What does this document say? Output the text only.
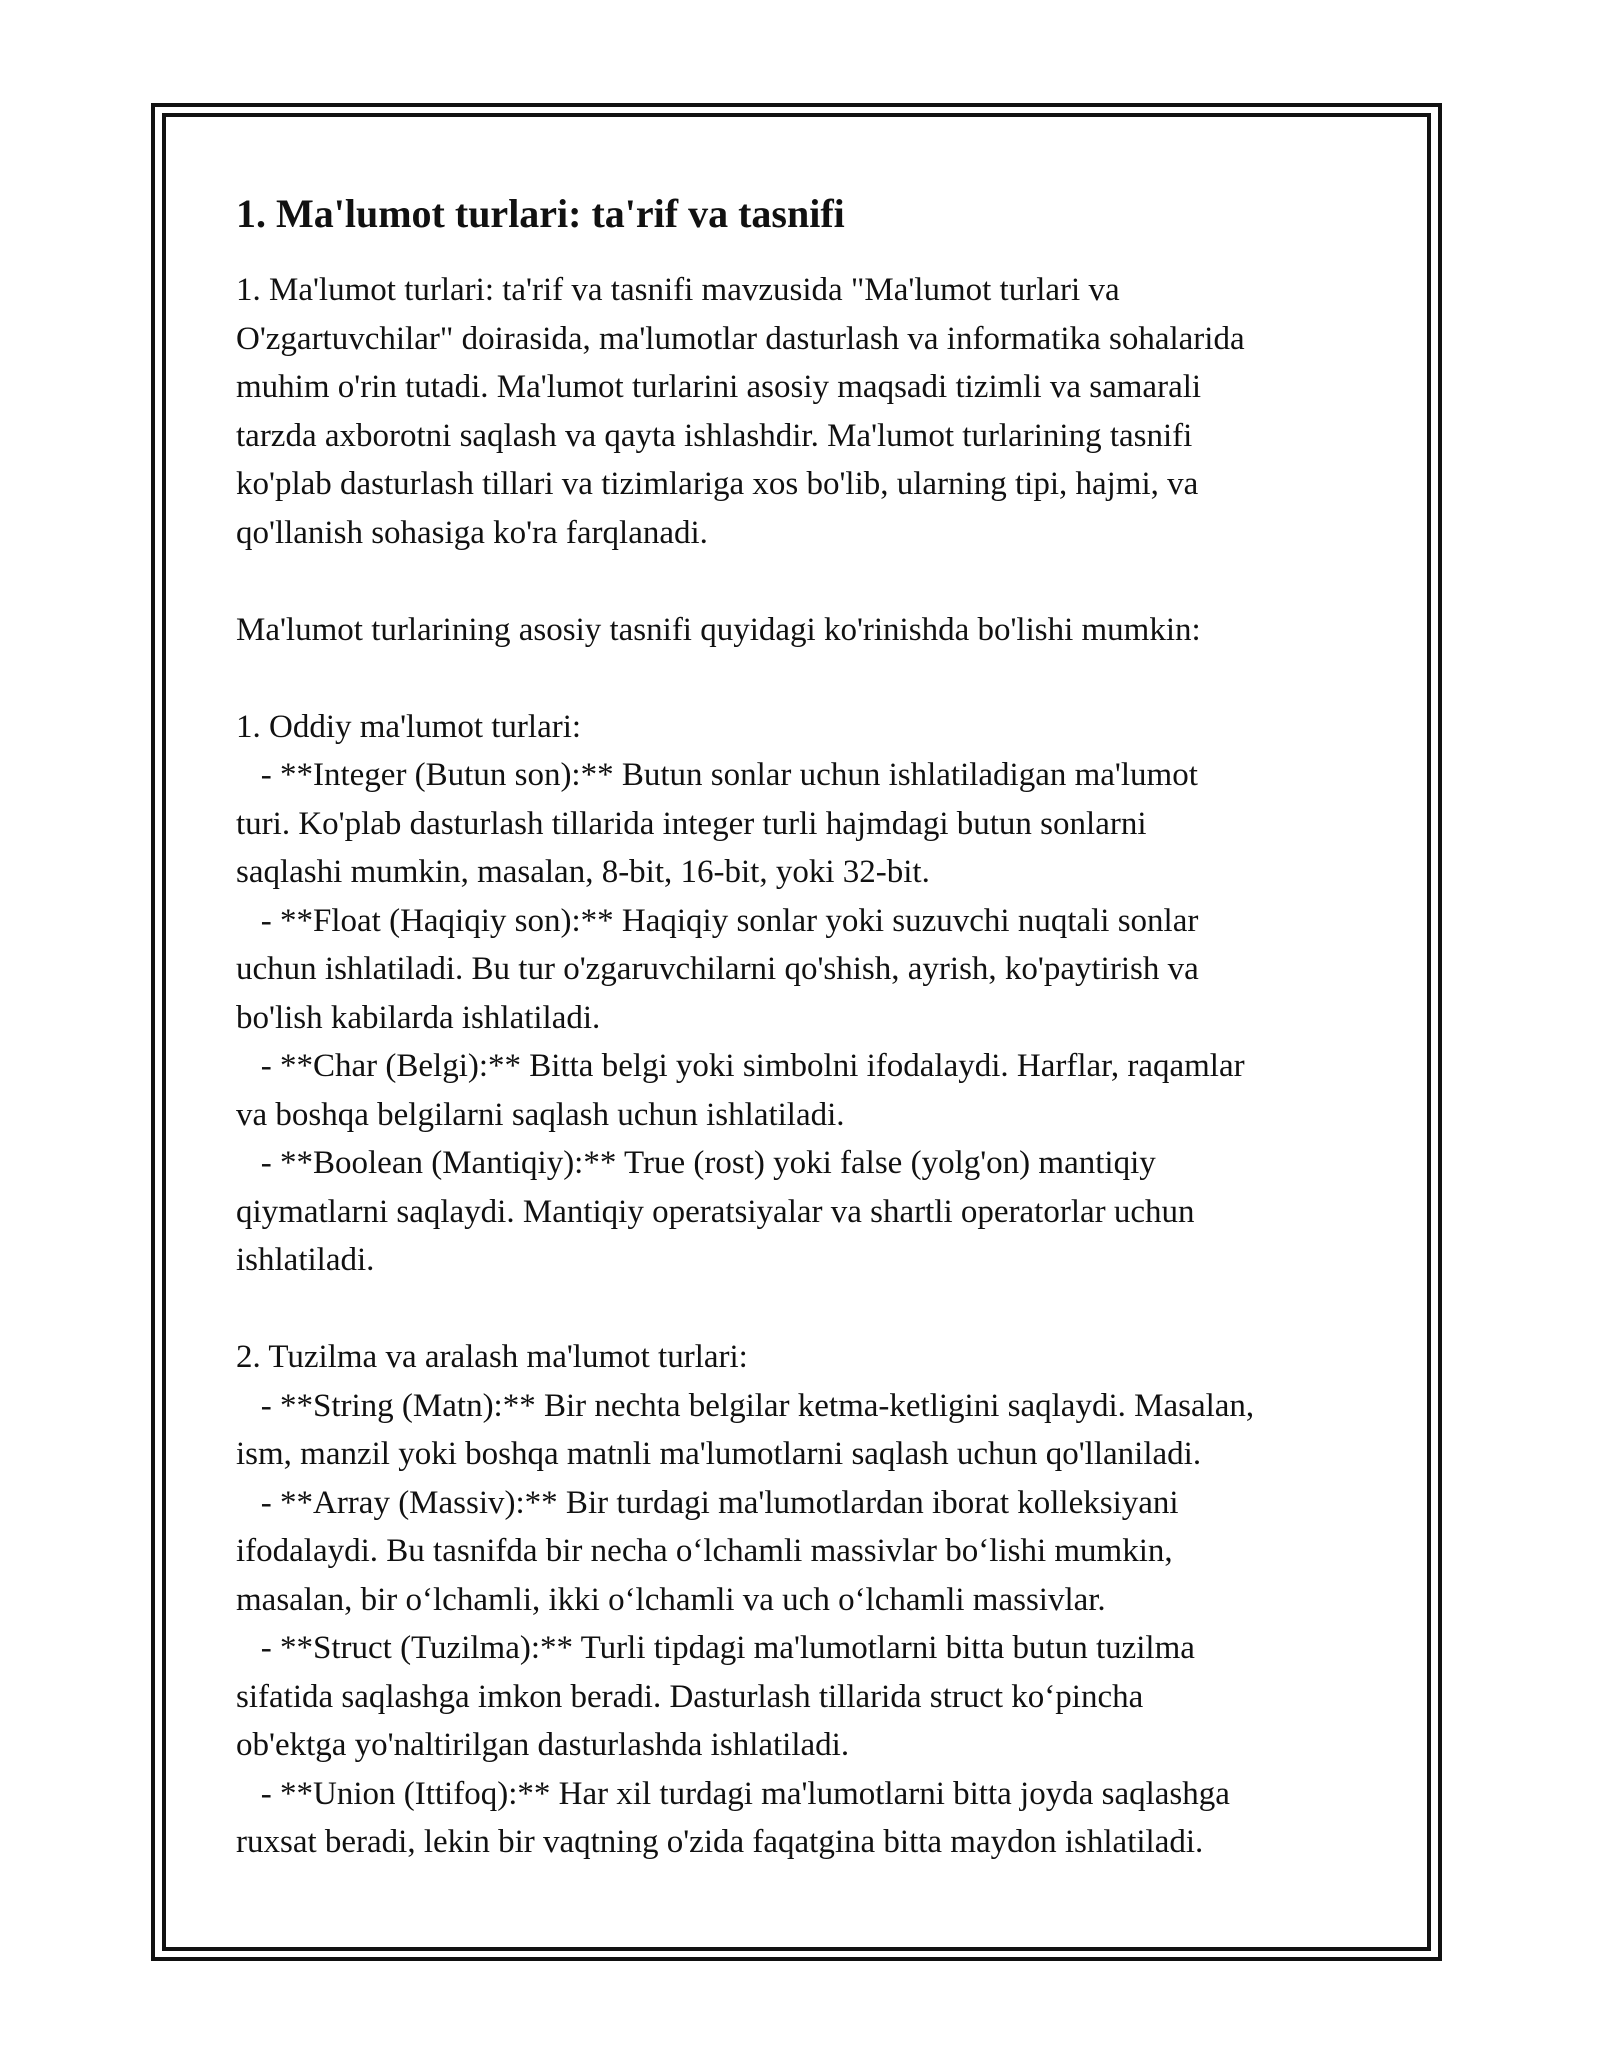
1. Ma'lumot turlari: ta'rif va tasnifi
1. Ma'lumot turlari: ta'rif va tasnifi mavzusida "Ma'lumot turlari va
O'zgartuvchilar" doirasida, ma'lumotlar dasturlash va informatika sohalarida
muhim o'rin tutadi. Ma'lumot turlarini asosiy maqsadi tizimli va samarali
tarzda axborotni saqlash va qayta ishlashdir. Ma'lumot turlarining tasnifi
ko'plab dasturlash tillari va tizimlariga xos bo'lib, ularning tipi, hajmi, va
qo'llanish sohasiga ko'ra farqlanadi.
Ma'lumot turlarining asosiy tasnifi quyidagi ko'rinishda bo'lishi mumkin:
1. Oddiy ma'lumot turlari:
- **Integer (Butun son):** Butun sonlar uchun ishlatiladigan ma'lumot
turi. Ko'plab dasturlash tillarida integer turli hajmdagi butun sonlarni
saqlashi mumkin, masalan, 8-bit, 16-bit, yoki 32-bit.
- **Float (Haqiqiy son):** Haqiqiy sonlar yoki suzuvchi nuqtali sonlar
uchun ishlatiladi. Bu tur o'zgaruvchilarni qo'shish, ayrish, ko'paytirish va
bo'lish kabilarda ishlatiladi.
- **Char (Belgi):** Bitta belgi yoki simbolni ifodalaydi. Harflar, raqamlar
va boshqa belgilarni saqlash uchun ishlatiladi.
- **Boolean (Mantiqiy):** True (rost) yoki false (yolg'on) mantiqiy
qiymatlarni saqlaydi. Mantiqiy operatsiyalar va shartli operatorlar uchun
ishlatiladi.
2. Tuzilma va aralash ma'lumot turlari:
- **String (Matn):** Bir nechta belgilar ketma-ketligini saqlaydi. Masalan,
ism, manzil yoki boshqa matnli ma'lumotlarni saqlash uchun qo'llaniladi.
- **Array (Massiv):** Bir turdagi ma'lumotlardan iborat kolleksiyani
ifodalaydi. Bu tasnifda bir necha o‘lchamli massivlar bo‘lishi mumkin,
masalan, bir o‘lchamli, ikki o‘lchamli va uch o‘lchamli massivlar.
- **Struct (Tuzilma):** Turli tipdagi ma'lumotlarni bitta butun tuzilma
sifatida saqlashga imkon beradi. Dasturlash tillarida struct ko‘pincha
ob'ektga yo'naltirilgan dasturlashda ishlatiladi.
- **Union (Ittifoq):** Har xil turdagi ma'lumotlarni bitta joyda saqlashga
ruxsat beradi, lekin bir vaqtning o'zida faqatgina bitta maydon ishlatiladi.
